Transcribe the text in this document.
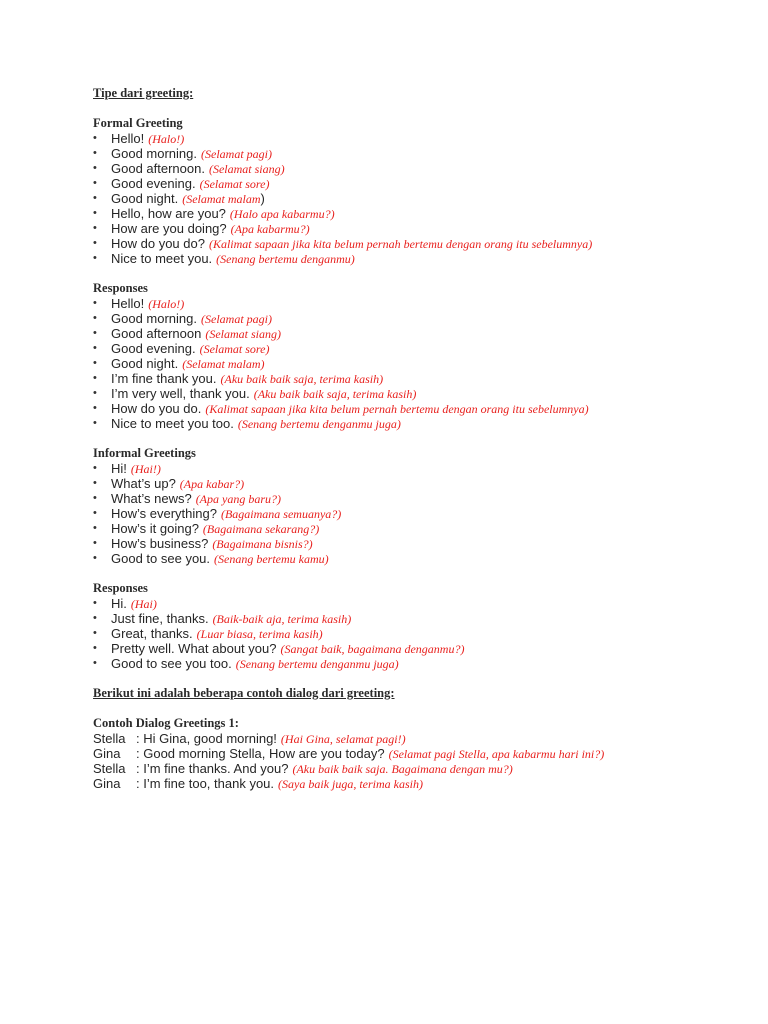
Tipe dari greeting:
Formal Greeting
• Hello! (Halo!)
• Good morning. (Selamat pagi)
• Good afternoon. (Selamat siang)
• Good evening. (Selamat sore)
• Good night. (Selamat malam)
• Hello, how are you? (Halo apa kabarmu?)
• How are you doing? (Apa kabarmu?)
• How do you do? (Kalimat sapaan jika kita belum pernah bertemu dengan orang itu sebelumnya)
• Nice to meet you. (Senang bertemu denganmu)
Responses
• Hello! (Halo!)
• Good morning. (Selamat pagi)
• Good afternoon (Selamat siang)
• Good evening. (Selamat sore)
• Good night. (Selamat malam)
• I’m fine thank you. (Aku baik baik saja, terima kasih)
• I’m very well, thank you. (Aku baik baik saja, terima kasih)
• How do you do. (Kalimat sapaan jika kita belum pernah bertemu dengan orang itu sebelumnya)
• Nice to meet you too. (Senang bertemu denganmu juga)
Informal Greetings
• Hi! (Hai!)
• What’s up? (Apa kabar?)
• What’s news? (Apa yang baru?)
• How’s everything? (Bagaimana semuanya?)
• How’s it going? (Bagaimana sekarang?)
• How’s business? (Bagaimana bisnis?)
• Good to see you. (Senang bertemu kamu)
Responses
• Hi. (Hai)
• Just fine, thanks. (Baik-baik aja, terima kasih)
• Great, thanks. (Luar biasa, terima kasih)
• Pretty well. What about you? (Sangat baik, bagaimana denganmu?)
• Good to see you too. (Senang bertemu denganmu juga)
Berikut ini adalah beberapa contoh dialog dari greeting:
Contoh Dialog Greetings 1:
Stella : Hi Gina, good morning! (Hai Gina, selamat pagi!)
Gina : Good morning Stella, How are you today? (Selamat pagi Stella, apa kabarmu hari ini?)
Stella : I’m fine thanks. And you? (Aku baik baik saja. Bagaimana dengan mu?)
Gina : I’m fine too, thank you. (Saya baik juga, terima kasih)
